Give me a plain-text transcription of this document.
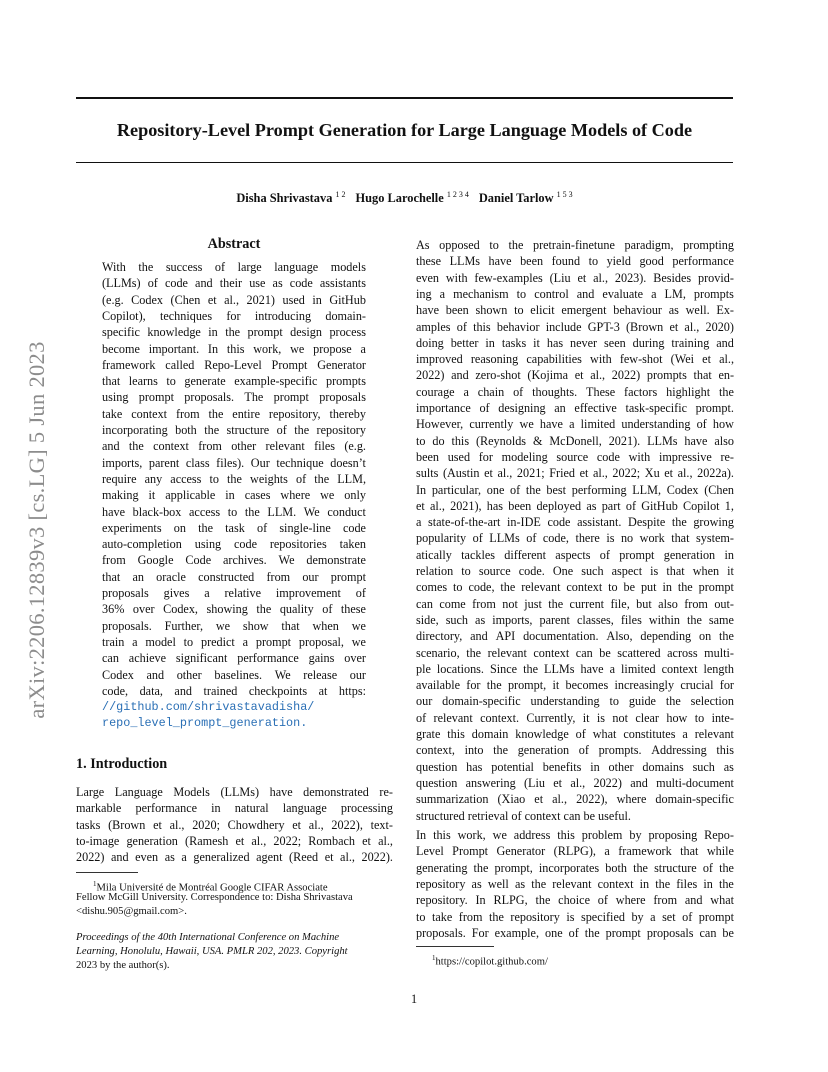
Repository-Level Prompt Generation for Large Language Models of Code
Disha Shrivastava $^{1 2}$ Hugo Larochelle $^{1 2 3 4}$ Daniel Tarlow $^{1 5 3}$
arXiv:2206.12839v3 [cs.LG] 5 Jun 2023
Abstract
With the success of large language models
(LLMs) of code and their use as code assistants
(e.g. Codex (Chen et al., 2021) used in GitHub
Copilot), techniques for introducing domain-
specific knowledge in the prompt design process
become important. In this work, we propose a
framework called Repo-Level Prompt Generator
that learns to generate example-specific prompts
using prompt proposals. The prompt proposals
take context from the entire repository, thereby
incorporating both the structure of the repository
and the context from other relevant files (e.g.
imports, parent class files). Our technique doesn’t
require any access to the weights of the LLM,
making it applicable in cases where we only
have black-box access to the LLM. We conduct
experiments on the task of single-line code
auto-completion using code repositories taken
from Google Code archives. We demonstrate
that an oracle constructed from our prompt
proposals gives a relative improvement of
36% over Codex, showing the quality of these
proposals. Further, we show that when we
train a model to predict a prompt proposal, we
can achieve significant performance gains over
Codex and other baselines. We release our
code, data, and trained checkpoints at https:
//github.com/shrivastavadisha/
repo_level_prompt_generation.
1. Introduction
Large Language Models (LLMs) have demonstrated re-
markable performance in natural language processing
tasks (Brown et al., 2020; Chowdhery et al., 2022), text-
to-image generation (Ramesh et al., 2022; Rombach et al.,
2022) and even as a generalized agent (Reed et al., 2022).
$^1$Mila Université de Montréal Google CIFAR Associate
Fellow McGill University. Correspondence to: Disha Shrivastava
<dishu.905@gmail.com>.
Proceedings of the 40th International Conference on Machine
Learning, Honolulu, Hawaii, USA. PMLR 202, 2023. Copyright
2023 by the author(s).
As opposed to the pretrain-finetune paradigm, prompting
these LLMs have been found to yield good performance
even with few-examples (Liu et al., 2023). Besides provid-
ing a mechanism to control and evaluate a LM, prompts
have been shown to elicit emergent behaviour as well. Ex-
amples of this behavior include GPT-3 (Brown et al., 2020)
doing better in tasks it has never seen during training and
improved reasoning capabilities with few-shot (Wei et al.,
2022) and zero-shot (Kojima et al., 2022) prompts that en-
courage a chain of thoughts. These factors highlight the
importance of designing an effective task-specific prompt.
However, currently we have a limited understanding of how
to do this (Reynolds & McDonell, 2021). LLMs have also
been used for modeling source code with impressive re-
sults (Austin et al., 2021; Fried et al., 2022; Xu et al., 2022a).
In particular, one of the best performing LLM, Codex (Chen
et al., 2021), has been deployed as part of GitHub Copilot 1,
a state-of-the-art in-IDE code assistant. Despite the growing
popularity of LLMs of code, there is no work that system-
atically tackles different aspects of prompt generation in
relation to source code. One such aspect is that when it
comes to code, the relevant context to be put in the prompt
can come from not just the current file, but also from out-
side, such as imports, parent classes, files within the same
directory, and API documentation. Also, depending on the
scenario, the relevant context can be scattered across multi-
ple locations. Since the LLMs have a limited context length
available for the prompt, it becomes increasingly crucial for
our domain-specific understanding to guide the selection
of relevant context. Currently, it is not clear how to inte-
grate this domain knowledge of what constitutes a relevant
context, into the generation of prompts. Addressing this
question has potential benefits in other domains such as
question answering (Liu et al., 2022) and multi-document
summarization (Xiao et al., 2022), where domain-specific
structured retrieval of context can be useful.
In this work, we address this problem by proposing Repo-
Level Prompt Generator (RLPG), a framework that while
generating the prompt, incorporates both the structure of the
repository as well as the relevant context in the files in the
repository. In RLPG, the choice of where from and what
to take from the repository is specified by a set of prompt
proposals. For example, one of the prompt proposals can be
$^1$https://copilot.github.com/
1
